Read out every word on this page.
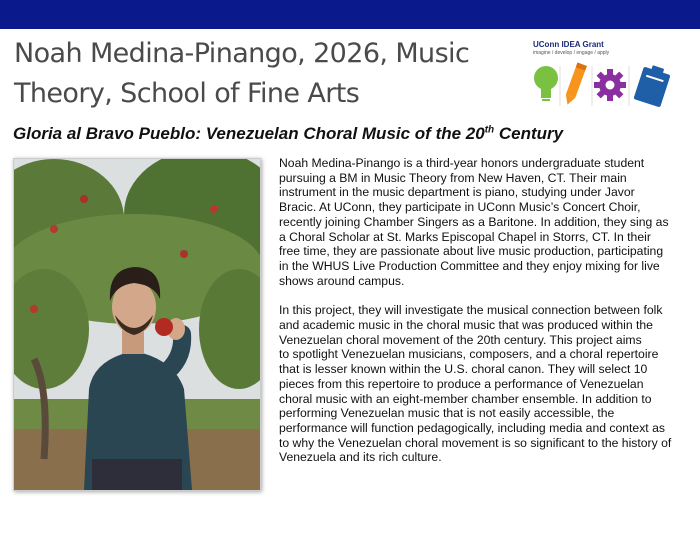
Noah Medina-Pinango, 2026, Music Theory, School of Fine Arts
UConn IDEA Grant
imagine / develop / engage / apply
Gloria al Bravo Pueblo: Venezuelan Choral Music of the 20th Century
Noah Medina-Pinango is a third-year honors undergraduate student
pursuing a BM in Music Theory from New Haven, CT. Their main
instrument in the music department is piano, studying under Javor
Bracic. At UConn, they participate in UConn Music’s Concert Choir,
recently joining Chamber Singers as a Baritone. In addition, they sing as
a Choral Scholar at St. Marks Episcopal Chapel in Storrs, CT. In their
free time, they are passionate about live music production, participating
in the WHUS Live Production Committee and they enjoy mixing for live
shows around campus.
In this project, they will investigate the musical connection between folk
and academic music in the choral music that was produced within the
Venezuelan choral movement of the 20th century. This project aims
to spotlight Venezuelan musicians, composers, and a choral repertoire
that is lesser known within the U.S. choral canon. They will select 10
pieces from this repertoire to produce a performance of Venezuelan
choral music with an eight-member chamber ensemble. In addition to
performing Venezuelan music that is not easily accessible, the
performance will function pedagogically, including media and context as
to why the Venezuelan choral movement is so significant to the history of
Venezuela and its rich culture.
